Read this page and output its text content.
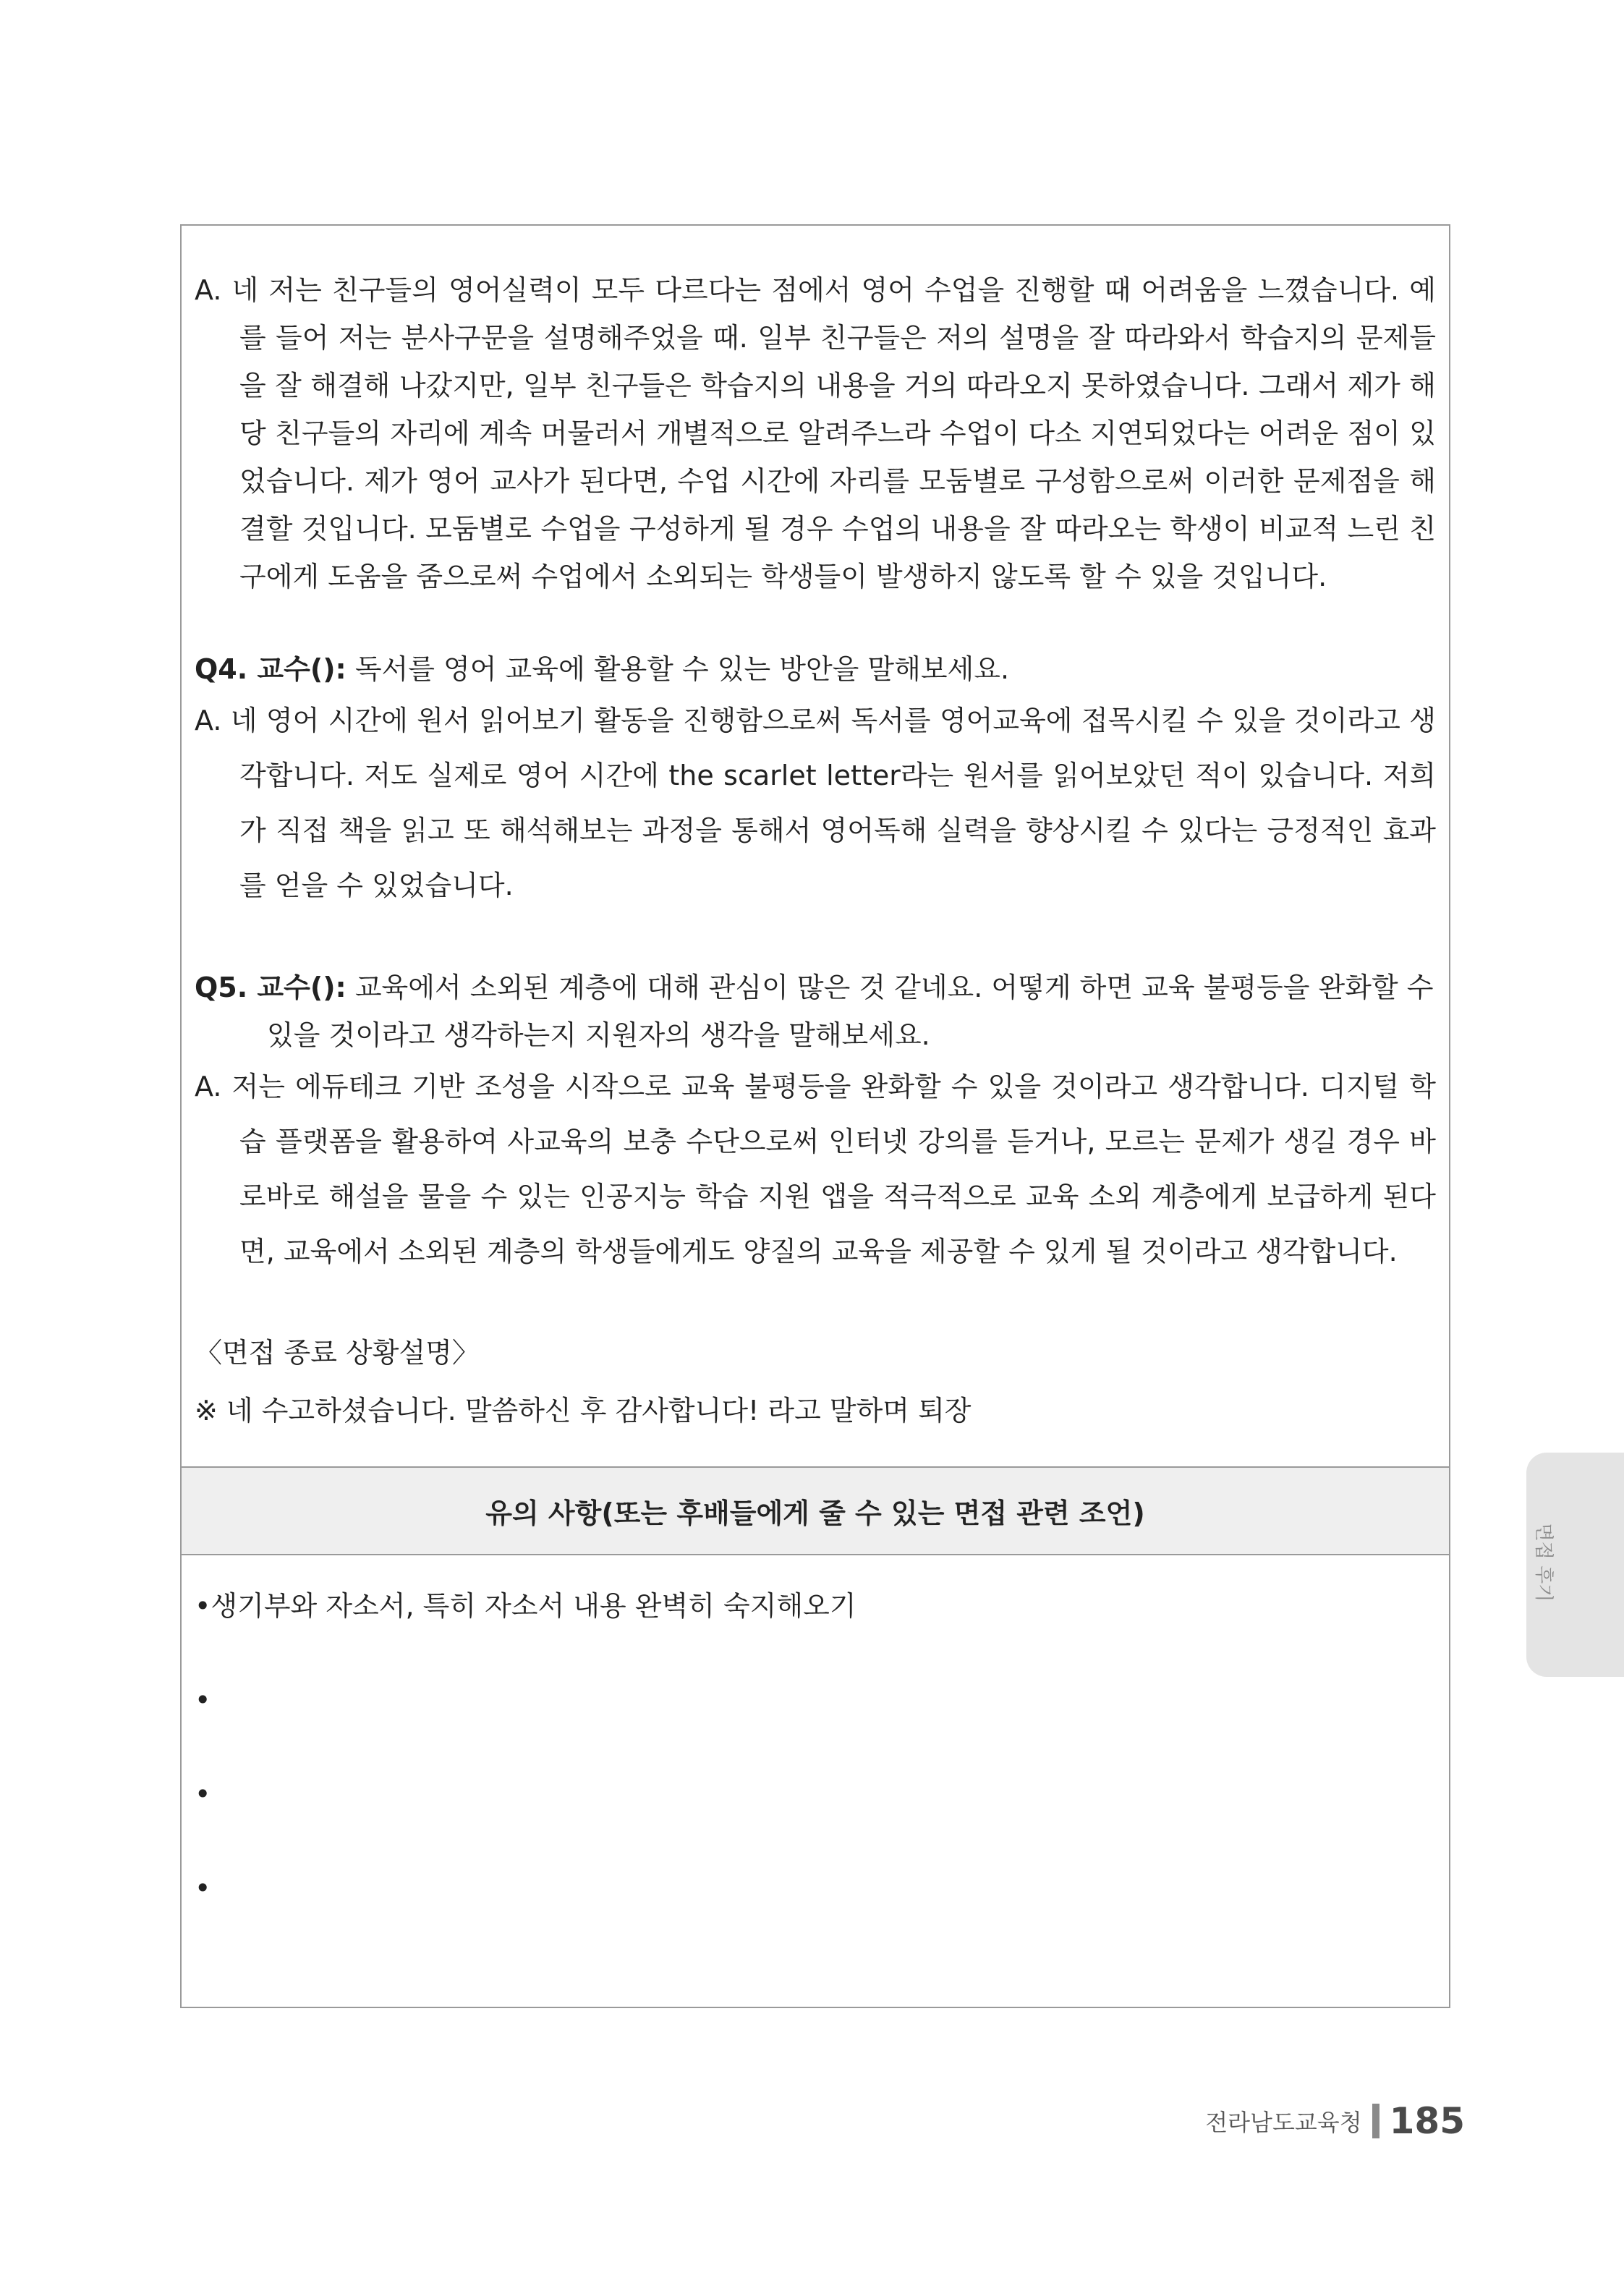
A. 네 저는 친구들의 영어실력이 모두 다르다는 점에서 영어 수업을 진행할 때 어려움을 느꼈습니다. 예를 들어 저는 분사구문을 설명해주었을 때. 일부 친구들은 저의 설명을 잘 따라와서 학습지의 문제들을 잘 해결해 나갔지만, 일부 친구들은 학습지의 내용을 거의 따라오지 못하였습니다. 그래서 제가 해당 친구들의 자리에 계속 머물러서 개별적으로 알려주느라 수업이 다소 지연되었다는 어려운 점이 있었습니다. 제가 영어 교사가 된다면, 수업 시간에 자리를 모둠별로 구성함으로써 이러한 문제점을 해결할 것입니다. 모둠별로 수업을 구성하게 될 경우 수업의 내용을 잘 따라오는 학생이 비교적 느린 친구에게 도움을 줌으로써 수업에서 소외되는 학생들이 발생하지 않도록 할 수 있을 것입니다.

Q4. 교수(): 독서를 영어 교육에 활용할 수 있는 방안을 말해보세요.

A. 네 영어 시간에 원서 읽어보기 활동을 진행함으로써 독서를 영어교육에 접목시킬 수 있을 것이라고 생각합니다. 저도 실제로 영어 시간에 the scarlet letter라는 원서를 읽어보았던 적이 있습니다. 저희가 직접 책을 읽고 또 해석해보는 과정을 통해서 영어독해 실력을 향상시킬 수 있다는 긍정적인 효과를 얻을 수 있었습니다.

Q5. 교수(): 교육에서 소외된 계층에 대해 관심이 많은 것 같네요. 어떻게 하면 교육 불평등을 완화할 수 있을 것이라고 생각하는지 지원자의 생각을 말해보세요.

A. 저는 에듀테크 기반 조성을 시작으로 교육 불평등을 완화할 수 있을 것이라고 생각합니다. 디지털 학습 플랫폼을 활용하여 사교육의 보충 수단으로써 인터넷 강의를 듣거나, 모르는 문제가 생길 경우 바로바로 해설을 물을 수 있는 인공지능 학습 지원 앱을 적극적으로 교육 소외 계층에게 보급하게 된다면, 교육에서 소외된 계층의 학생들에게도 양질의 교육을 제공할 수 있게 될 것이라고 생각합니다.

〈면접 종료 상황설명〉

※ 네 수고하셨습니다. 말씀하신 후 감사합니다! 라고 말하며 퇴장

유의 사항(또는 후배들에게 줄 수 있는 면접 관련 조언)

•생기부와 자소서, 특히 자소서 내용 완벽히 숙지해오기

•

•

•

면접 후기
전라남도교육청 185
